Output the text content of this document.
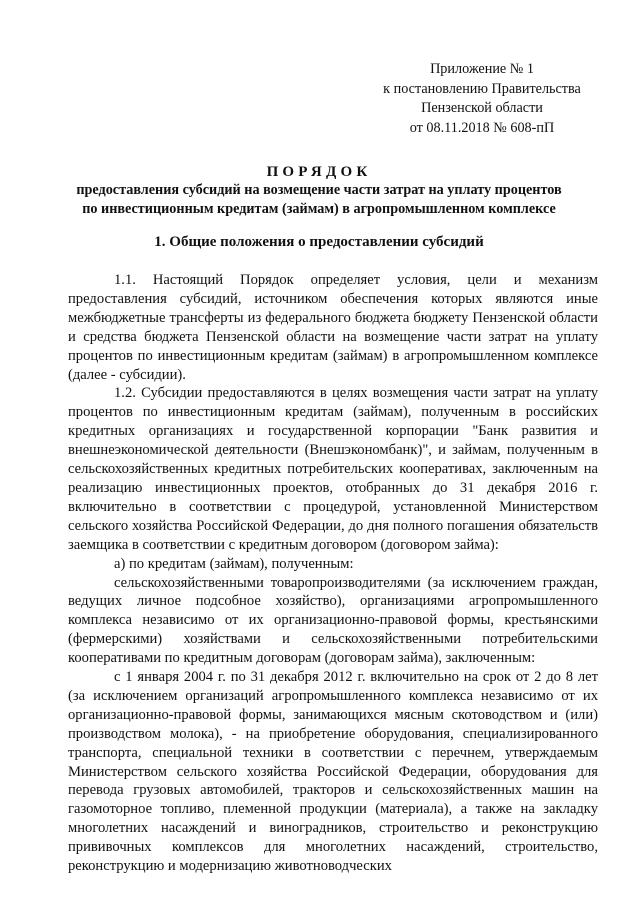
Приложение № 1
к постановлению Правительства
Пензенской области
от 08.11.2018 № 608-пП
ПОРЯДОК
предоставления субсидий на возмещение части затрат на уплату процентов
по инвестиционным кредитам (займам) в агропромышленном комплексе
1. Общие положения о предоставлении субсидий

1.1. Настоящий Порядок определяет условия, цели и механизм предоставления субсидий, источником обеспечения которых являются иные межбюджетные трансферты из федерального бюджета бюджету Пензенской области и средства бюджета Пензенской области на возмещение части затрат на уплату процентов по инвестиционным кредитам (займам) в агропромышленном комплексе (далее - субсидии).

1.2. Субсидии предоставляются в целях возмещения части затрат на уплату процентов по инвестиционным кредитам (займам), полученным в российских кредитных организациях и государственной корпорации "Банк развития и внешнеэкономической деятельности (Внешэкономбанк)", и займам, полученным в сельскохозяйственных кредитных потребительских кооперативах, заключенным на реализацию инвестиционных проектов, отобранных до 31 декабря 2016 г. включительно в соответствии с процедурой, установленной Министерством сельского хозяйства Российской Федерации, до дня полного погашения обязательств заемщика в соответствии с кредитным договором (договором займа):

а) по кредитам (займам), полученным:

сельскохозяйственными товаропроизводителями (за исключением граждан, ведущих личное подсобное хозяйство), организациями агропромышленного комплекса независимо от их организационно-правовой формы, крестьянскими (фермерскими) хозяйствами и сельскохозяйственными потребительскими кооперативами по кредитным договорам (договорам займа), заключенным:

с 1 января 2004 г. по 31 декабря 2012 г. включительно на срок от 2 до 8 лет (за исключением организаций агропромышленного комплекса независимо от их организационно-правовой формы, занимающихся мясным скотоводством и (или) производством молока), - на приобретение оборудования, специализированного транспорта, специальной техники в соответствии с перечнем, утверждаемым Министерством сельского хозяйства Российской Федерации, оборудования для перевода грузовых автомобилей, тракторов и сельскохозяйственных машин на газомоторное топливо, племенной продукции (материала), а также на закладку многолетних насаждений и виноградников, строительство и реконструкцию прививочных комплексов для многолетних насаждений, строительство, реконструкцию и модернизацию животноводческих
